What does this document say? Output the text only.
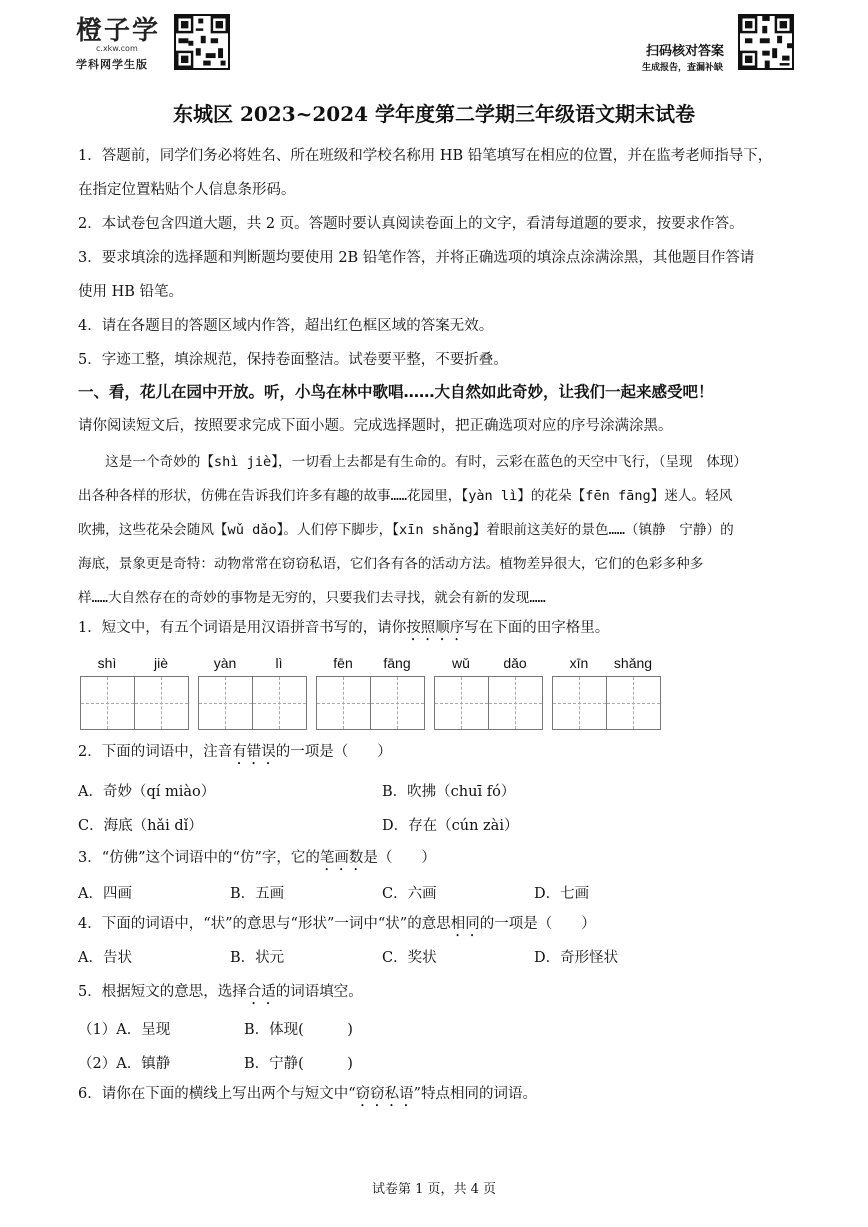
橙子学
c.xkw.com
学科网学生版
扫码核对答案
生成报告，查漏补缺
东城区 2023~2024 学年度第二学期三年级语文期末试卷
1．答题前，同学们务必将姓名、所在班级和学校名称用 HB 铅笔填写在相应的位置，并在监考老师指导下，
在指定位置粘贴个人信息条形码。
2．本试卷包含四道大题，共 2 页。答题时要认真阅读卷面上的文字，看清每道题的要求，按要求作答。
3．要求填涂的选择题和判断题均要使用 2B 铅笔作答，并将正确选项的填涂点涂满涂黑，其他题目作答请
使用 HB 铅笔。
4．请在各题目的答题区域内作答，超出红色框区域的答案无效。
5．字迹工整，填涂规范，保持卷面整洁。试卷要平整，不要折叠。
一、看，花儿在园中开放。听，小鸟在林中歌唱……大自然如此奇妙，让我们一起来感受吧！
请你阅读短文后，按照要求完成下面小题。完成选择题时，把正确选项对应的序号涂满涂黑。
　　这是一个奇妙的【shì jiè】，一切看上去都是有生命的。有时，云彩在蓝色的天空中飞行，（呈现　体现）
出各种各样的形状，仿佛在告诉我们许多有趣的故事……花园里，【yàn lì】的花朵【fēn fāng】迷人。轻风
吹拂，这些花朵会随风【wǔ dǎo】。人们停下脚步，【xīn shǎng】着眼前这美好的景色……（镇静　宁静）的
海底，景象更是奇特：动物常常在窃窃私语，它们各有各的活动方法。植物差异很大，它们的色彩多种多
样……大自然存在的奇妙的事物是无穷的，只要我们去寻找，就会有新的发现……
1．短文中，有五个词语是用汉语拼音书写的，请你按照顺序写在下面的田字格里。
shì	jiè	yàn	lì	fēn	fāng	wǔ	dǎo	xīn	shǎng
2．下面的词语中，注音有错误的一项是（　　）
A．奇妙（qí miào）	B．吹拂（chuī fó）
C．海底（hǎi dǐ）	D．存在（cún zài）
3．“仿佛”这个词语中的“仿”字，它的笔画数是（　　）
A．四画	B．五画	C．六画	D．七画
4．下面的词语中，“状”的意思与“形状”一词中“状”的意思相同的一项是（　　）
A．告状	B．状元	C．奖状	D．奇形怪状
5．根据短文的意思，选择合适的词语填空。
（1）A．呈现	B．体现(　　　)
（2）A．镇静	B．宁静(　　　)
6．请你在下面的横线上写出两个与短文中“窃窃私语”特点相同的词语。
试卷第 1 页，共 4 页
